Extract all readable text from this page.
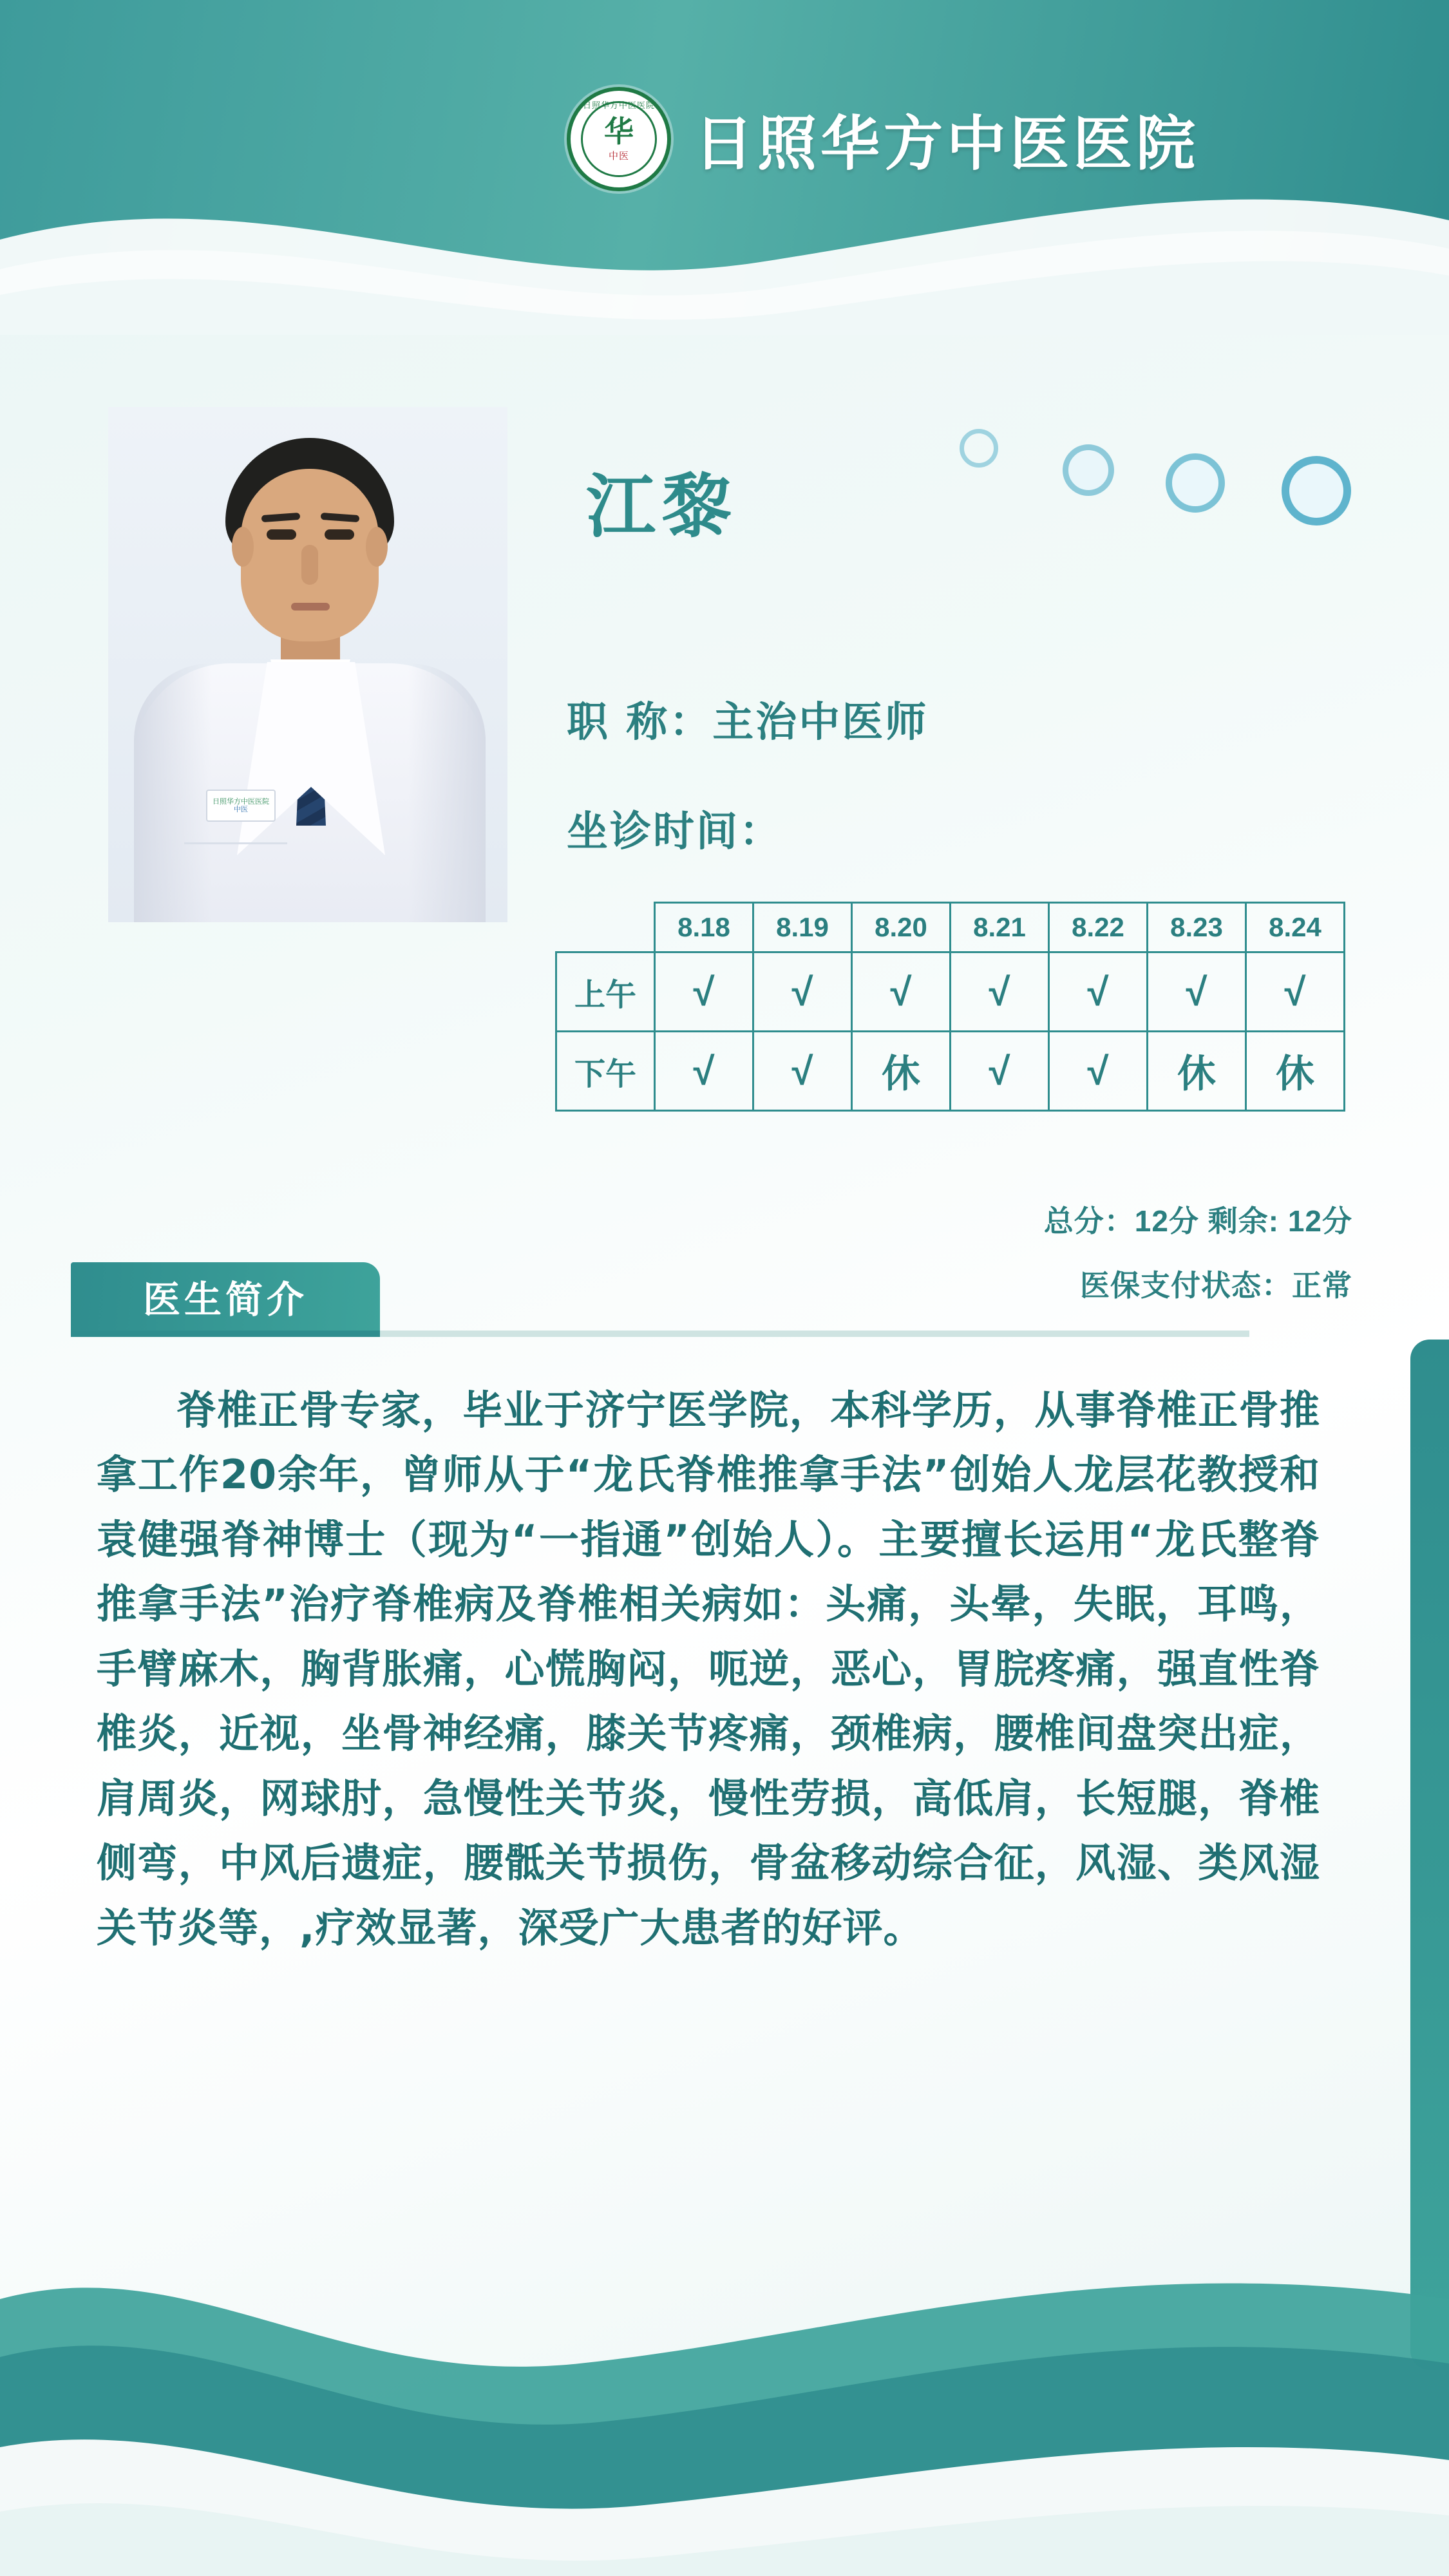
日照华方中医医院
华
中医 日照华方中医医院
日照华方中医医院
中医
江黎
职 称：主治中医师
坐诊时间：
	8.18	8.19	8.20	8.21	8.22	8.23	8.24
上午	√	√	√	√	√	√	√
下午	√	√	休	√	√	休	休
总分：12分 剩余: 12分
医保支付状态：正常
医生简介
脊椎正骨专家，毕业于济宁医学院，本科学历，从事脊椎正骨推拿工作20余年，曾师从于“龙氏脊椎推拿手法”创始人龙层花教授和袁健强脊神博士（现为“一指通”创始人）。主要擅长运用“龙氏整脊推拿手法”治疗脊椎病及脊椎相关病如：头痛，头晕，失眠，耳鸣，手臂麻木，胸背胀痛，心慌胸闷，呃逆，恶心，胃脘疼痛，强直性脊椎炎，近视，坐骨神经痛，膝关节疼痛，颈椎病，腰椎间盘突出症，肩周炎，网球肘，急慢性关节炎，慢性劳损，高低肩，长短腿，脊椎侧弯，中风后遗症，腰骶关节损伤，骨盆移动综合征，风湿、类风湿关节炎等，,疗效显著，深受广大患者的好评。
